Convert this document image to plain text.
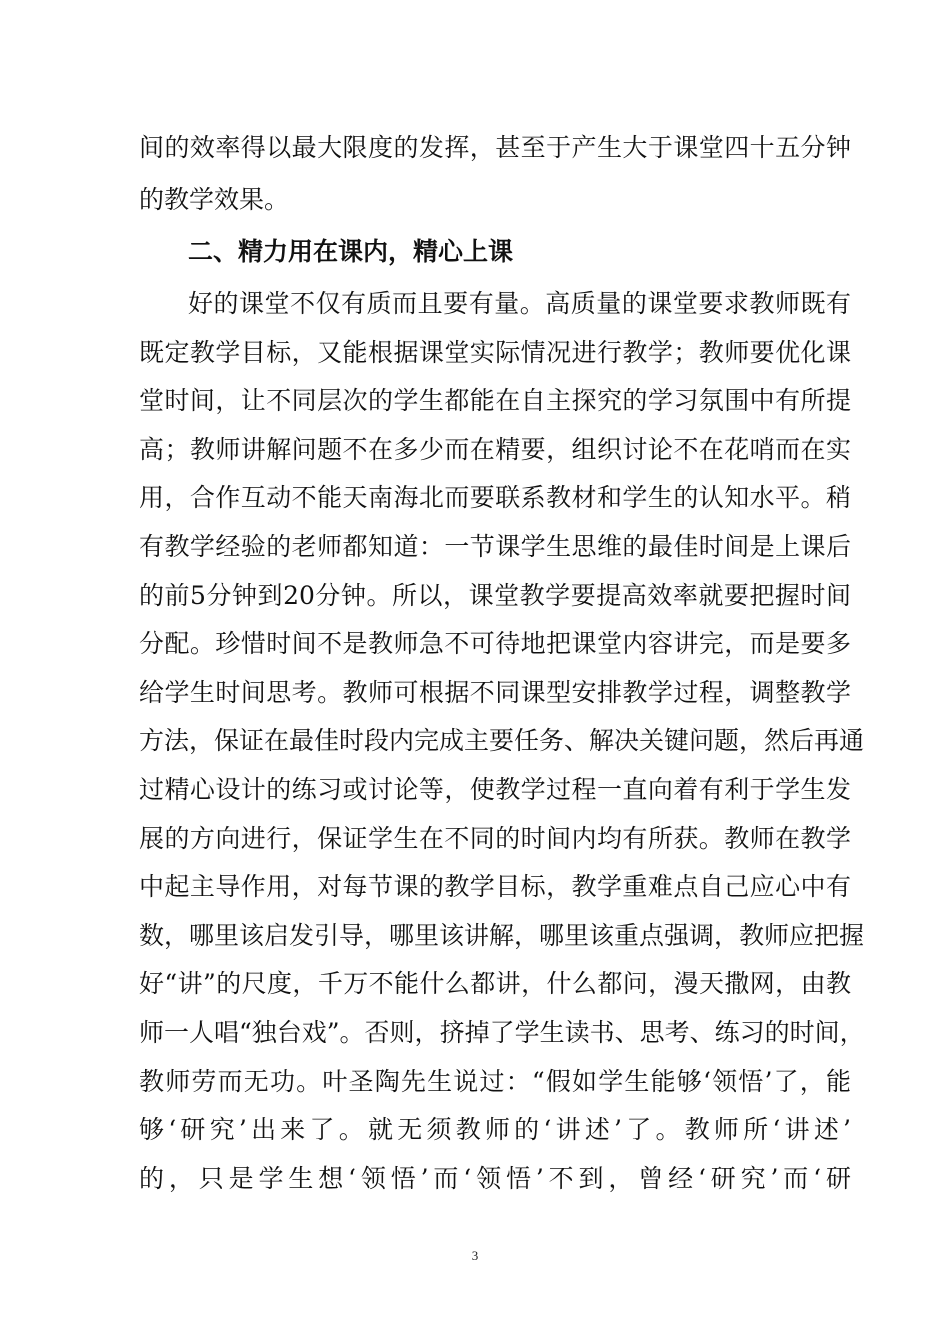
间的效率得以最大限度的发挥，甚至于产生大于课堂四十五分钟
的教学效果。
二、精力用在课内，精心上课
好的课堂不仅有质而且要有量。高质量的课堂要求教师既有
既定教学目标，又能根据课堂实际情况进行教学；教师要优化课
堂时间，让不同层次的学生都能在自主探究的学习氛围中有所提
高；教师讲解问题不在多少而在精要，组织讨论不在花哨而在实
用，合作互动不能天南海北而要联系教材和学生的认知水平。稍
有教学经验的老师都知道：一节课学生思维的最佳时间是上课后
的前5分钟到20分钟。所以，课堂教学要提高效率就要把握时间
分配。珍惜时间不是教师急不可待地把课堂内容讲完，而是要多
给学生时间思考。教师可根据不同课型安排教学过程，调整教学
方法，保证在最佳时段内完成主要任务、解决关键问题，然后再通
过精心设计的练习或讨论等，使教学过程一直向着有利于学生发
展的方向进行，保证学生在不同的时间内均有所获。教师在教学
中起主导作用，对每节课的教学目标，教学重难点自己应心中有
数，哪里该启发引导，哪里该讲解，哪里该重点强调，教师应把握
好“讲”的尺度，千万不能什么都讲，什么都问，漫天撒网，由教
师一人唱“独台戏”。否则，挤掉了学生读书、思考、练习的时间，
教师劳而无功。叶圣陶先生说过：“假如学生能够‘领悟’了，能
够‘研究’出来了。就无须教师的‘讲述’了。教师所‘讲述’
的，只是学生想‘领悟’而‘领悟’不到，曾经‘研究’而‘研
3
